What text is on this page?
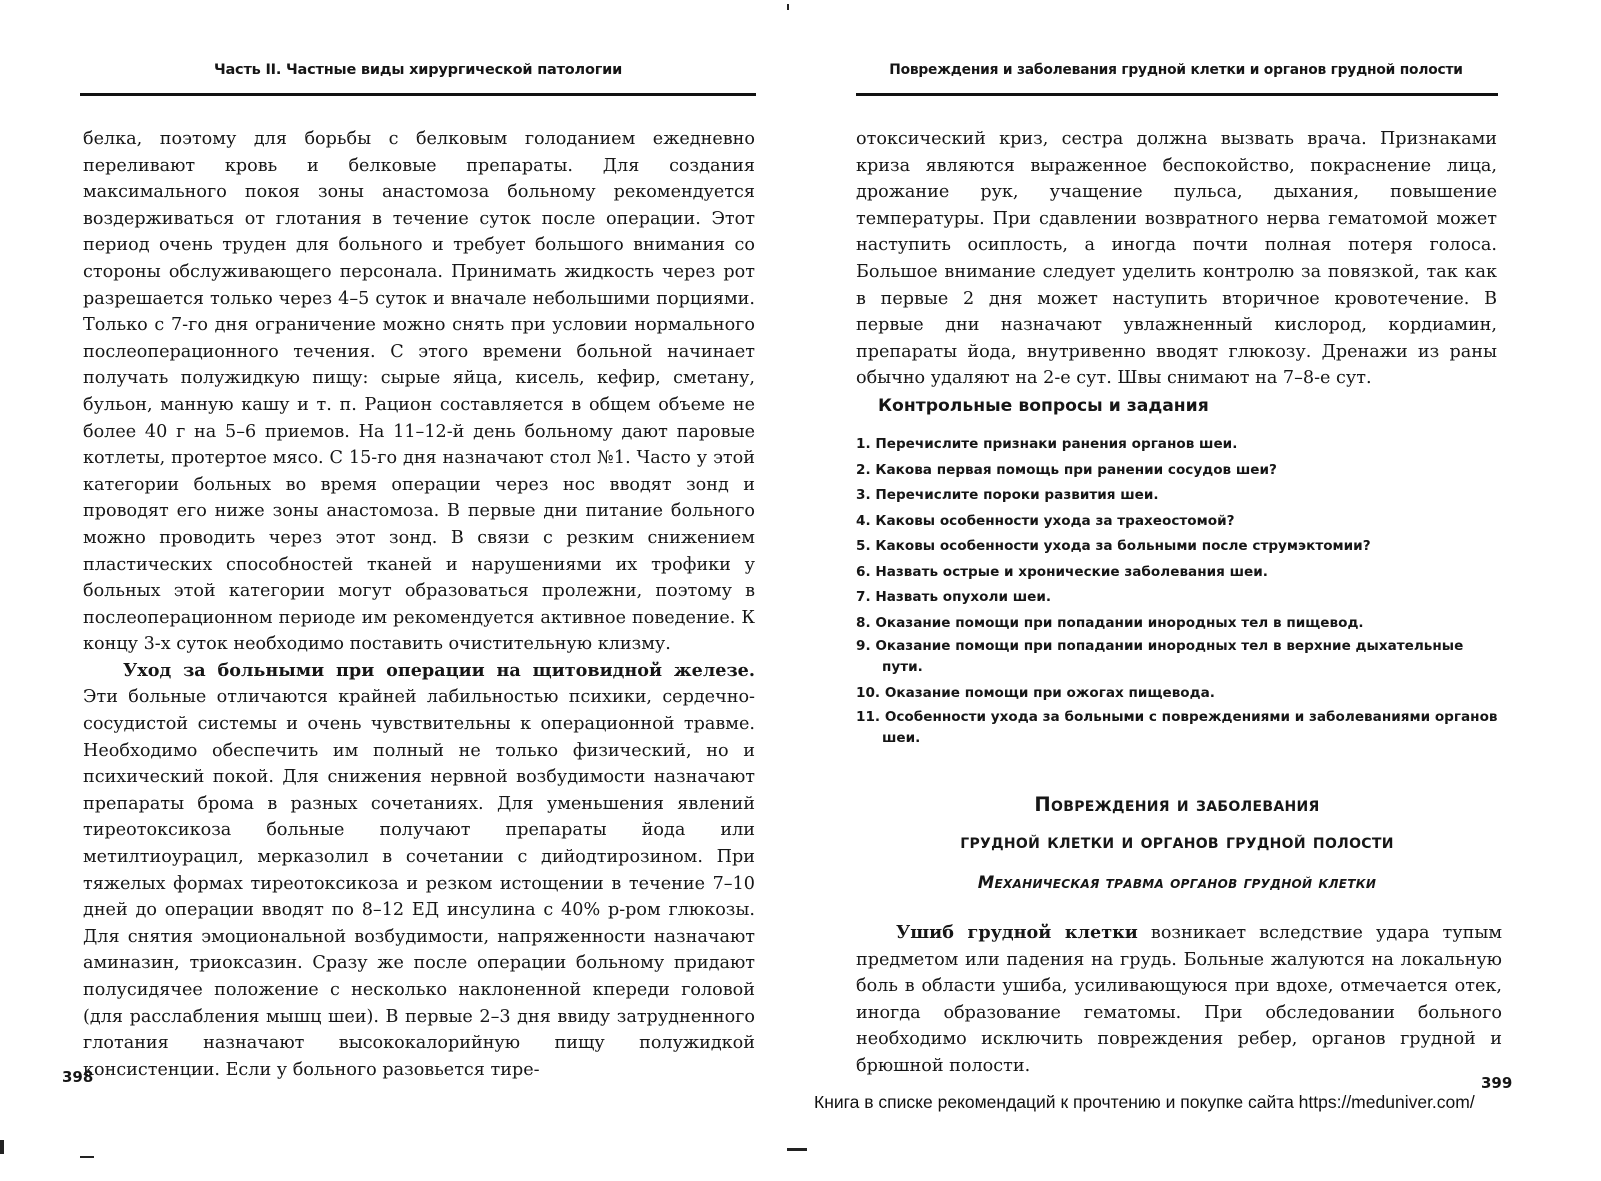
Часть II. Частные виды хирургической патологии

белка, поэтому для борьбы с белковым голоданием ежедневно переливают кровь и белковые препараты. Для создания максимального покоя зоны анастомоза больному рекомендуется воздерживаться от глотания в течение суток после операции. Этот период очень труден для больного и требует большого внимания со стороны обслуживающего персонала. Принимать жидкость через рот разрешается только через 4–5 суток и вначале небольшими порциями. Только с 7-го дня ограничение можно снять при условии нормального послеоперационного течения. С этого времени больной начинает получать полужидкую пищу: сырые яйца, кисель, кефир, сметану, бульон, манную кашу и т. п. Рацион составляется в общем объеме не более 40 г на 5–6 приемов. На 11–12-й день больному дают паровые котлеты, протертое мясо. С 15-го дня назначают стол №1. Часто у этой категории больных во время операции через нос вводят зонд и проводят его ниже зоны анастомоза. В первые дни питание больного можно проводить через этот зонд. В связи с резким снижением пластических способностей тканей и нарушениями их трофики у больных этой категории могут образоваться пролежни, поэтому в послеоперационном периоде им рекомендуется активное поведение. К концу 3-х суток необходимо поставить очистительную клизму.

Уход за больными при операции на щитовидной железе. Эти больные отличаются крайней лабильностью психики, сердечно-сосудистой системы и очень чувствительны к операционной травме. Необходимо обеспечить им полный не только физический, но и психический покой. Для снижения нервной возбудимости назначают препараты брома в разных сочетаниях. Для уменьшения явлений тиреотоксикоза больные получают препараты йода или метилтиоурацил, мерказолил в сочетании с дийодтирозином. При тяжелых формах тиреотоксикоза и резком истощении в течение 7–10 дней до операции вводят по 8–12 ЕД инсулина с 40% р-ром глюкозы. Для снятия эмоциональной возбудимости, напряженности назначают аминазин, триоксазин. Сразу же после операции больному придают полусидячее положение с несколько наклоненной кпереди головой (для расслабления мышц шеи). В первые 2–3 дня ввиду затрудненного глотания назначают высококалорийную пищу полужидкой консистенции. Если у больного разовьется тире-

398
Повреждения и заболевания грудной клетки и органов грудной полости

отоксический криз, сестра должна вызвать врача. Признаками криза являются выраженное беспокойство, покраснение лица, дрожание рук, учащение пульса, дыхания, повышение температуры. При сдавлении возвратного нерва гематомой может наступить осиплость, а иногда почти полная потеря голоса. Большое внимание следует уделить контролю за повязкой, так как в первые 2 дня может наступить вторичное кровотечение. В первые дни назначают увлажненный кислород, кордиамин, препараты йода, внутривенно вводят глюкозу. Дренажи из раны обычно удаляют на 2-е сут. Швы снимают на 7–8-е сут.

Контрольные вопросы и задания
1. Перечислите признаки ранения органов шеи.
2. Какова первая помощь при ранении сосудов шеи?
3. Перечислите пороки развития шеи.
4. Каковы особенности ухода за трахеостомой?
5. Каковы особенности ухода за больными после струмэктомии?
6. Назвать острые и хронические заболевания шеи.
7. Назвать опухоли шеи.
8. Оказание помощи при попадании инородных тел в пищевод.
9. Оказание помощи при попадании инородных тел в верхние дыхательные пути.
10. Оказание помощи при ожогах пищевода.
11. Особенности ухода за больными с повреждениями и заболеваниями органов шеи.
Повреждения и заболевания
грудной клетки и органов грудной полости
Механическая травма органов грудной клетки

Ушиб грудной клетки возникает вследствие удара тупым предметом или падения на грудь. Больные жалуются на локальную боль в области ушиба, усиливающуюся при вдохе, отмечается отек, иногда образование гематомы. При обследовании больного необходимо исключить повреждения ребер, органов грудной и брюшной полости.

399
Книга в списке рекомендаций к прочтению и покупке сайта https://meduniver.com/
